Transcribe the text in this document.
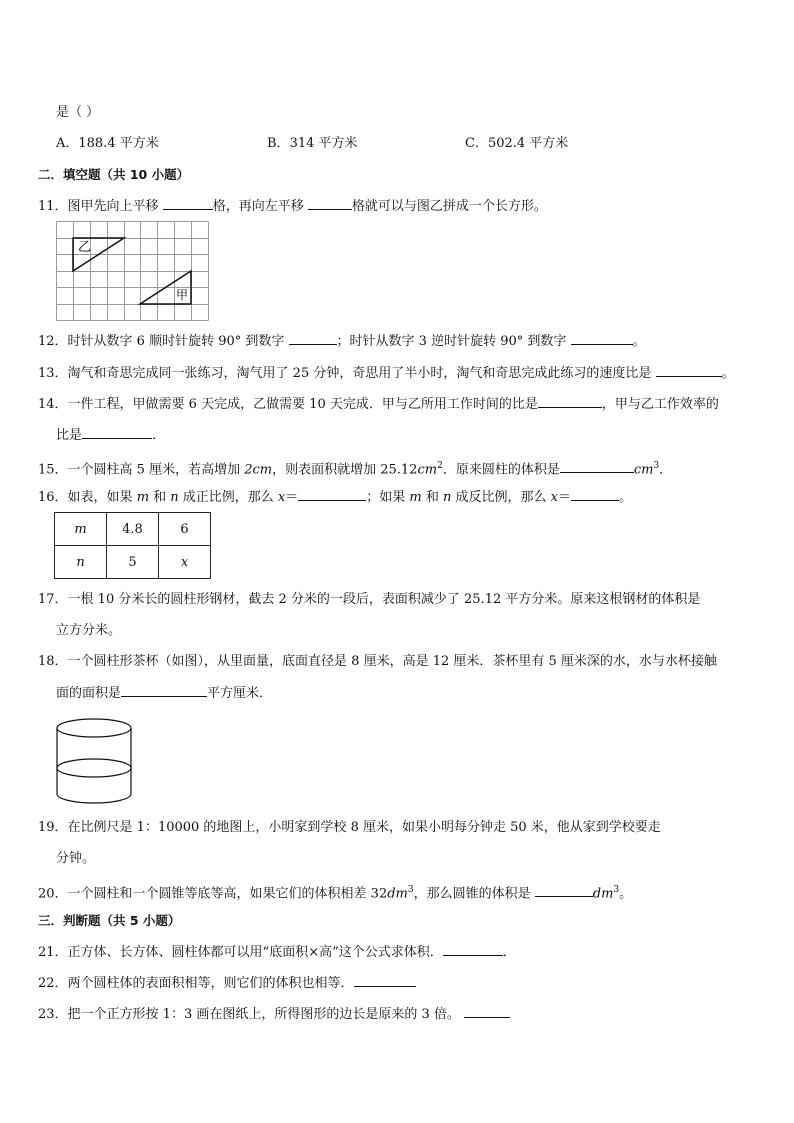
是（ ）
A．188.4 平方米	B．314 平方米	C．502.4 平方米
二．填空题（共 10 小题）
11．图甲先向上平移	格，再向左平移	格就可以与图乙拼成一个长方形。
乙
甲
12．时针从数字 6 顺时针旋转 90° 到数字	；时针从数字 3 逆时针旋转 90° 到数字	。
13．淘气和奇思完成同一张练习，淘气用了 25 分钟，奇思用了半小时，淘气和奇思完成此练习的速度比是	。
14．一件工程，甲做需要 6 天完成，乙做需要 10 天完成．甲与乙所用工作时间的比是	，甲与乙工作效率的
比是	．
15．一个圆柱高 5 厘米，若高增加 2cm，则表面积就增加 $25.12cm^2$．原来圆柱的体积是	$cm^3$．
16．如表，如果 m 和 n 成正比例，那么 x＝	；如果 m 和 n 成反比例，那么 x＝	。
m	4.8	6
n	5	x
17．一根 10 分米长的圆柱形钢材，截去 2 分米的一段后，表面积减少了 25.12 平方分米。原来这根钢材的体积是
立方分米。
18．一个圆柱形茶杯（如图），从里面量，底面直径是 8 厘米，高是 12 厘米．茶杯里有 5 厘米深的水，水与水杯接触
面的面积是	平方厘米．
19．在比例尺是 1：10000 的地图上，小明家到学校 8 厘米，如果小明每分钟走 50 米，他从家到学校要走
分钟。
20．一个圆柱和一个圆锥等底等高，如果它们的体积相差 $32dm^3$，那么圆锥的体积是	$dm^3$。
三．判断题（共 5 小题）
21．正方体、长方体、圆柱体都可以用“底面积×高”这个公式求体积．	．
22．两个圆柱体的表面积相等，则它们的体积也相等．
23．把一个正方形按 1：3 画在图纸上，所得图形的边长是原来的 3 倍。
